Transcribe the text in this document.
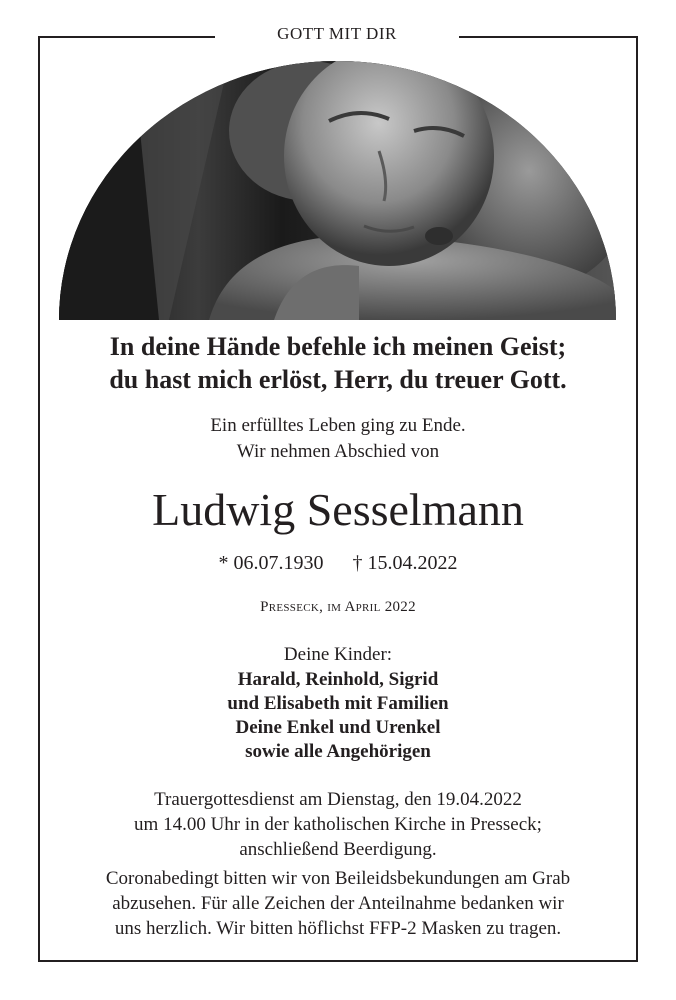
GOTT MIT DIR
In deine Hände befehle ich meinen Geist;
du hast mich erlöst, Herr, du treuer Gott.
Ein erfülltes Leben ging zu Ende.
Wir nehmen Abschied von
Ludwig Sesselmann
* 06.07.1930 † 15.04.2022
Presseck, im April 2022
Deine Kinder:
Harald, Reinhold, Sigrid
und Elisabeth mit Familien
Deine Enkel und Urenkel
sowie alle Angehörigen
Trauergottesdienst am Dienstag, den 19.04.2022
um 14.00 Uhr in der katholischen Kirche in Presseck;
anschließend Beerdigung.
Coronabedingt bitten wir von Beileidsbekundungen am Grab
abzusehen. Für alle Zeichen der Anteilnahme bedanken wir
uns herzlich. Wir bitten höflichst FFP-2 Masken zu tragen.
